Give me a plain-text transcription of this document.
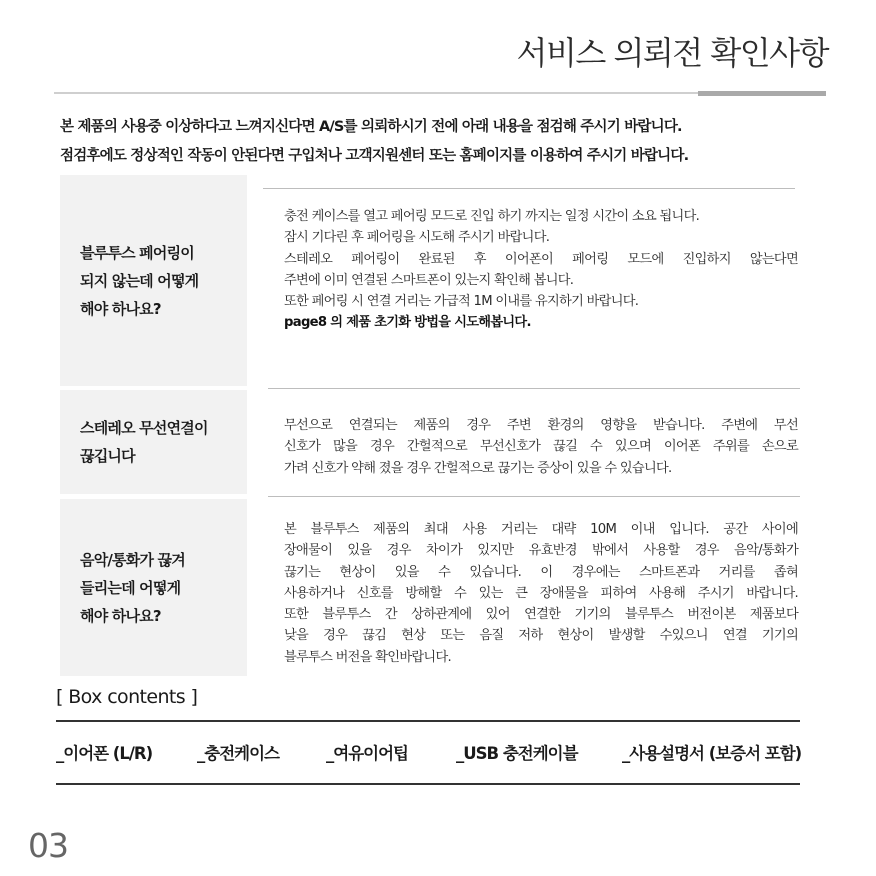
서비스 의뢰전 확인사항
본 제품의 사용중 이상하다고 느껴지신다면 A/S를 의뢰하시기 전에 아래 내용을 점검해 주시기 바랍니다.
점검후에도 정상적인 작동이 안된다면 구입처나 고객지원센터 또는 홈페이지를 이용하여 주시기 바랍니다.
블루투스 페어링이
되지 않는데 어떻게
해야 하나요?
충전 케이스를 열고 페어링 모드로 진입 하기 까지는 일정 시간이 소요 됩니다.
잠시 기다린 후 페어링을 시도해 주시기 바랍니다.
스테레오 페어링이 완료된 후 이어폰이 페어링 모드에 진입하지 않는다면
주변에 이미 연결된 스마트폰이 있는지 확인해 봅니다.
또한 페어링 시 연결 거리는 가급적 1M 이내를 유지하기 바랍니다.
page8 의 제품 초기화 방법을 시도해봅니다.
스테레오 무선연결이
끊깁니다
무선으로 연결되는 제품의 경우 주변 환경의 영향을 받습니다. 주변에 무선
신호가 많을 경우 간헐적으로 무선신호가 끊길 수 있으며 이어폰 주위를 손으로
가려 신호가 약해 졌을 경우 간헐적으로 끊기는 증상이 있을 수 있습니다.
음악/통화가 끊겨
들리는데 어떻게
해야 하나요?
본 블루투스 제품의 최대 사용 거리는 대략 10M 이내 입니다. 공간 사이에
장애물이 있을 경우 차이가 있지만 유효반경 밖에서 사용할 경우 음악/통화가
끊기는 현상이 있을 수 있습니다. 이 경우에는 스마트폰과 거리를 좁혀
사용하거나 신호를 방해할 수 있는 큰 장애물을 피하여 사용해 주시기 바랍니다.
또한 블루투스 간 상하관계에 있어 연결한 기기의 블루투스 버전이본 제품보다
낮을 경우 끊김 현상 또는 음질 저하 현상이 발생할 수있으니 연결 기기의
블루투스 버전을 확인바랍니다.
[ Box contents ]
_이어폰 (L/R)	_충전케이스	_여유이어팁	_USB 충전케이블	_사용설명서 (보증서 포함)
03
